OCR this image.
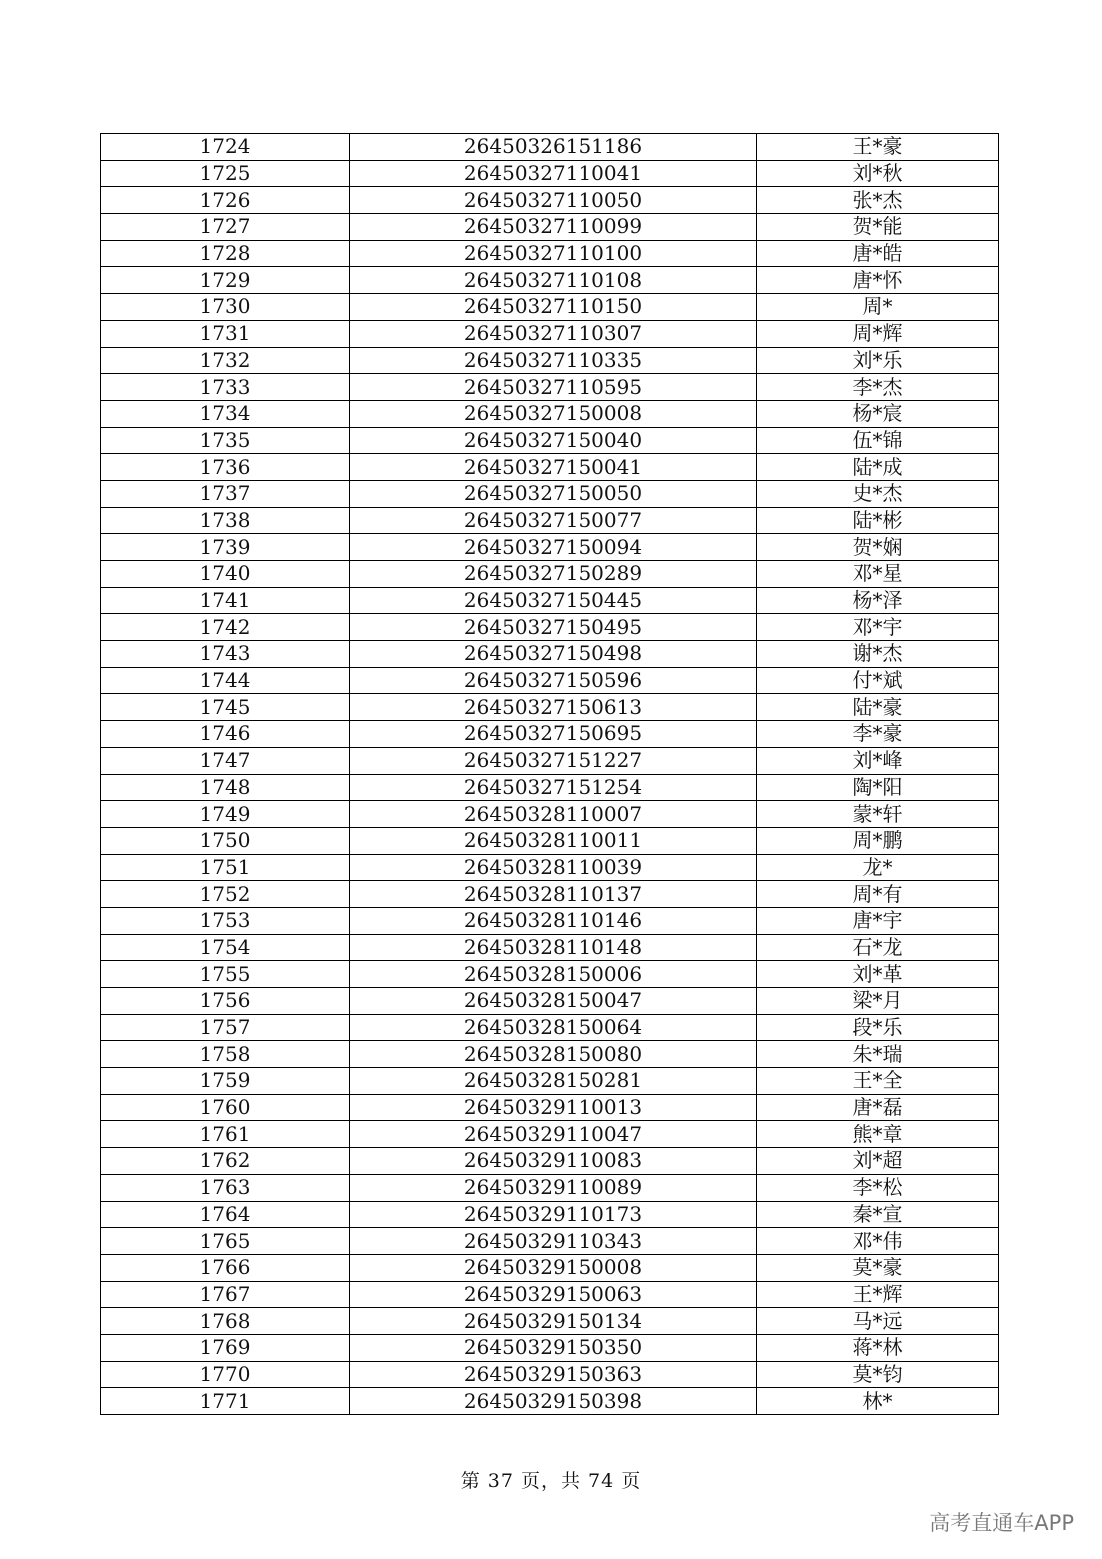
1724	26450326151186	王*豪
1725	26450327110041	刘*秋
1726	26450327110050	张*杰
1727	26450327110099	贺*能
1728	26450327110100	唐*皓
1729	26450327110108	唐*怀
1730	26450327110150	周*
1731	26450327110307	周*辉
1732	26450327110335	刘*乐
1733	26450327110595	李*杰
1734	26450327150008	杨*宸
1735	26450327150040	伍*锦
1736	26450327150041	陆*成
1737	26450327150050	史*杰
1738	26450327150077	陆*彬
1739	26450327150094	贺*娴
1740	26450327150289	邓*星
1741	26450327150445	杨*泽
1742	26450327150495	邓*宇
1743	26450327150498	谢*杰
1744	26450327150596	付*斌
1745	26450327150613	陆*豪
1746	26450327150695	李*豪
1747	26450327151227	刘*峰
1748	26450327151254	陶*阳
1749	26450328110007	蒙*轩
1750	26450328110011	周*鹏
1751	26450328110039	龙*
1752	26450328110137	周*有
1753	26450328110146	唐*宇
1754	26450328110148	石*龙
1755	26450328150006	刘*革
1756	26450328150047	梁*月
1757	26450328150064	段*乐
1758	26450328150080	朱*瑞
1759	26450328150281	王*全
1760	26450329110013	唐*磊
1761	26450329110047	熊*章
1762	26450329110083	刘*超
1763	26450329110089	李*松
1764	26450329110173	秦*宣
1765	26450329110343	邓*伟
1766	26450329150008	莫*豪
1767	26450329150063	王*辉
1768	26450329150134	马*远
1769	26450329150350	蒋*林
1770	26450329150363	莫*钧
1771	26450329150398	林*
第 37 页，共 74 页
高考直通车APP
